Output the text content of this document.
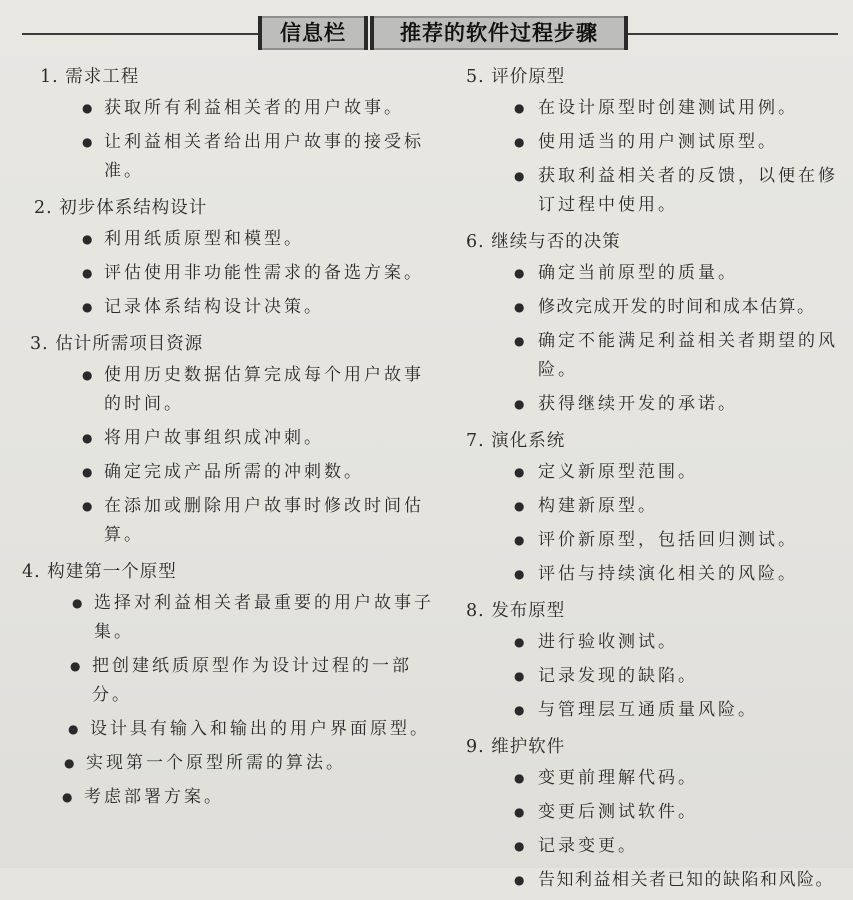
信息栏	推荐的软件过程步骤
1. 需求工程
● 获取所有利益相关者的用户故事。
● 让利益相关者给出用户故事的接受标准。
2. 初步体系结构设计
● 利用纸质原型和模型。
● 评估使用非功能性需求的备选方案。
● 记录体系结构设计决策。
3. 估计所需项目资源
● 使用历史数据估算完成每个用户故事的时间。
● 将用户故事组织成冲刺。
● 确定完成产品所需的冲刺数。
● 在添加或删除用户故事时修改时间估算。
4. 构建第一个原型
● 选择对利益相关者最重要的用户故事子集。
● 把创建纸质原型作为设计过程的一部分。
● 设计具有输入和输出的用户界面原型。
● 实现第一个原型所需的算法。
● 考虑部署方案。
5. 评价原型
● 在设计原型时创建测试用例。
● 使用适当的用户测试原型。
● 获取利益相关者的反馈，以便在修订过程中使用。
6. 继续与否的决策
● 确定当前原型的质量。
● 修改完成开发的时间和成本估算。
● 确定不能满足利益相关者期望的风险。
● 获得继续开发的承诺。
7. 演化系统
● 定义新原型范围。
● 构建新原型。
● 评价新原型，包括回归测试。
● 评估与持续演化相关的风险。
8. 发布原型
● 进行验收测试。
● 记录发现的缺陷。
● 与管理层互通质量风险。
9. 维护软件
● 变更前理解代码。
● 变更后测试软件。
● 记录变更。
● 告知利益相关者已知的缺陷和风险。
